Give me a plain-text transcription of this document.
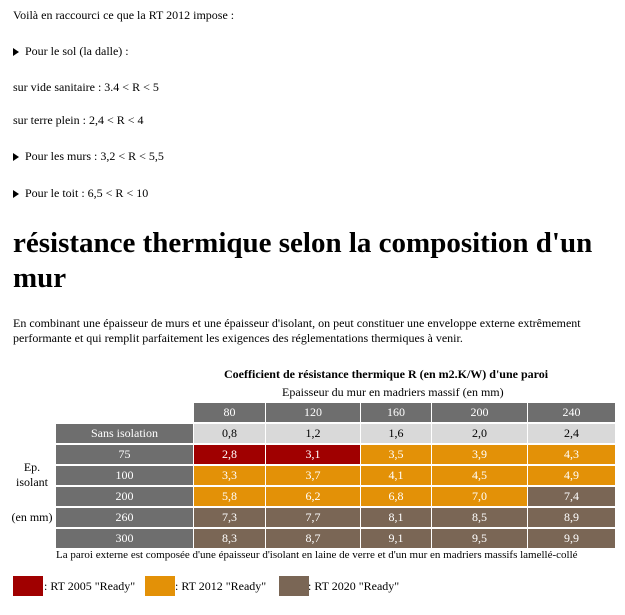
Voilà en raccourci ce que la RT 2012 impose :
Pour le sol (la dalle) :
sur vide sanitaire : 3.4 < R < 5
sur terre plein : 2,4 < R < 4
Pour les murs : 3,2 < R < 5,5
Pour le toit : 6,5 < R < 10
résistance thermique selon la composition d'un mur
En combinant une épaisseur de murs et une épaisseur d'isolant, on peut constituer une enveloppe externe extrêmement performante et qui remplit parfaitement les exigences des réglementations thermiques à venir.
Coefficient de résistance thermique R (en m2.K/W) d'une paroi
Epaisseur du mur en madriers massif (en mm)
80	120	160	200	240
Sans isolation	0,8	1,2	1,6	2,0	2,4
75	2,8	3,1	3,5	3,9	4,3
100	3,3	3,7	4,1	4,5	4,9
200	5,8	6,2	6,8	7,0	7,4
260	7,3	7,7	8,1	8,5	8,9
300	8,3	8,7	9,1	9,5	9,9
Ep. isolant
(en mm)
La paroi externe est composée d'une épaisseur d'isolant en laine de verre et d'un mur en madriers massifs lamellé-collé
: RT 2005 "Ready"	: RT 2012 "Ready"	: RT 2020 "Ready"
